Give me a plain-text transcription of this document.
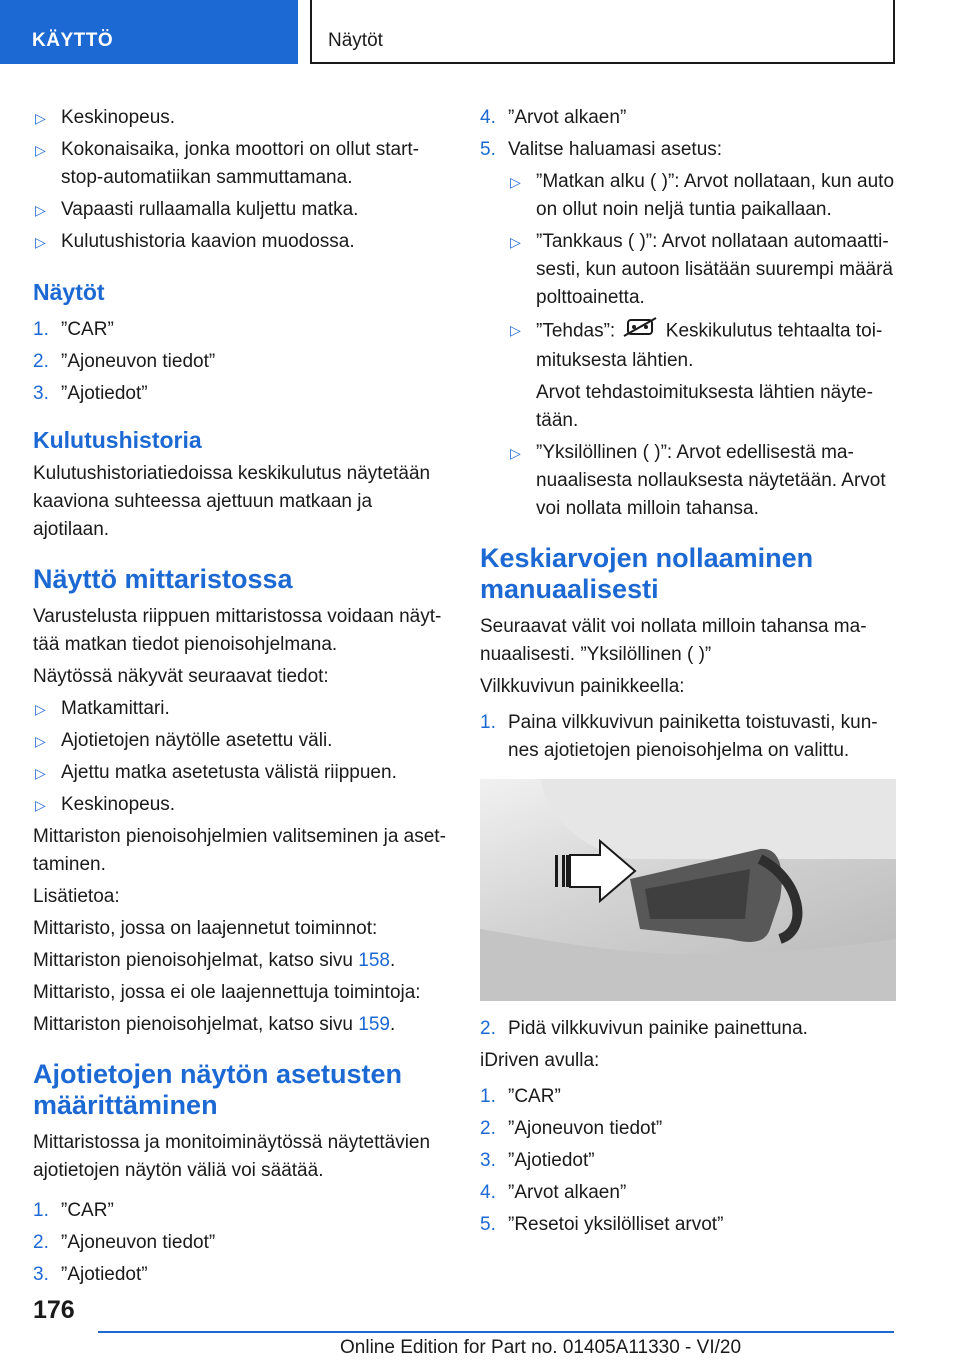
KÄYTTÖ	Näytöt
▷ Keskinopeus.
▷ Kokonaisaika, jonka moottori on ollut start-stop-automatiikan sammuttamana.
▷ Vapaasti rullaamalla kuljettu matka.
▷ Kulutushistoria kaavion muodossa.
Näytöt
1. ”CAR”
2. ”Ajoneuvon tiedot”
3. ”Ajotiedot”
Kulutushistoria

Kulutushistoriatiedoissa keskikulutus näytetään kaaviona suhteessa ajettuun matkaan ja ajotilaan.

Näyttö mittaristossa

Varustelusta riippuen mittaristossa voidaan näyt-tää matkan tiedot pienoisohjelmana.

Näytössä näkyvät seuraavat tiedot:

▷ Matkamittari.
▷ Ajotietojen näytölle asetettu väli.
▷ Ajettu matka asetetusta välistä riippuen.
▷ Keskinopeus.

Mittariston pienoisohjelmien valitseminen ja aset-taminen.

Lisätietoa:

Mittaristo, jossa on laajennetut toiminnot:

Mittariston pienoisohjelmat, katso sivu 158.

Mittaristo, jossa ei ole laajennettuja toimintoja:

Mittariston pienoisohjelmat, katso sivu 159.

Ajotietojen näytön asetusten määrittäminen

Mittaristossa ja monitoiminäytössä näytettävien ajotietojen näytön väliä voi säätää.

1. ”CAR”
2. ”Ajoneuvon tiedot”
3. ”Ajotiedot”
4. ”Arvot alkaen”
5. Valitse haluamasi asetus:
▷ ”Matkan alku ( )”: Arvot nollataan, kun auto on ollut noin neljä tuntia paikallaan.
▷ ”Tankkaus ( )”: Arvot nollataan automaatti-sesti, kun autoon lisätään suurempi määrä polttoainetta.
▷ ”Tehdas”:	Keskikulutus tehtaalta toi-mituksesta lähtien.
Arvot tehdastoimituksesta lähtien näyte-tään.
▷ ”Yksilöllinen ( )”: Arvot edellisestä ma-nuaalisesta nollauksesta näytetään. Arvot voi nollata milloin tahansa.
Keskiarvojen nollaaminen manuaalisesti

Seuraavat välit voi nollata milloin tahansa ma-nuaalisesti. ”Yksilöllinen ( )”

Vilkkuvivun painikkeella:

1. Paina vilkkuvivun painiketta toistuvasti, kun-nes ajotietojen pienoisohjelma on valittu.
2. Pidä vilkkuvivun painike painettuna.

iDriven avulla:

1. ”CAR”
2. ”Ajoneuvon tiedot”
3. ”Ajotiedot”
4. ”Arvot alkaen”
5. ”Resetoi yksilölliset arvot”
176
Online Edition for Part no. 01405A11330 - VI/20
